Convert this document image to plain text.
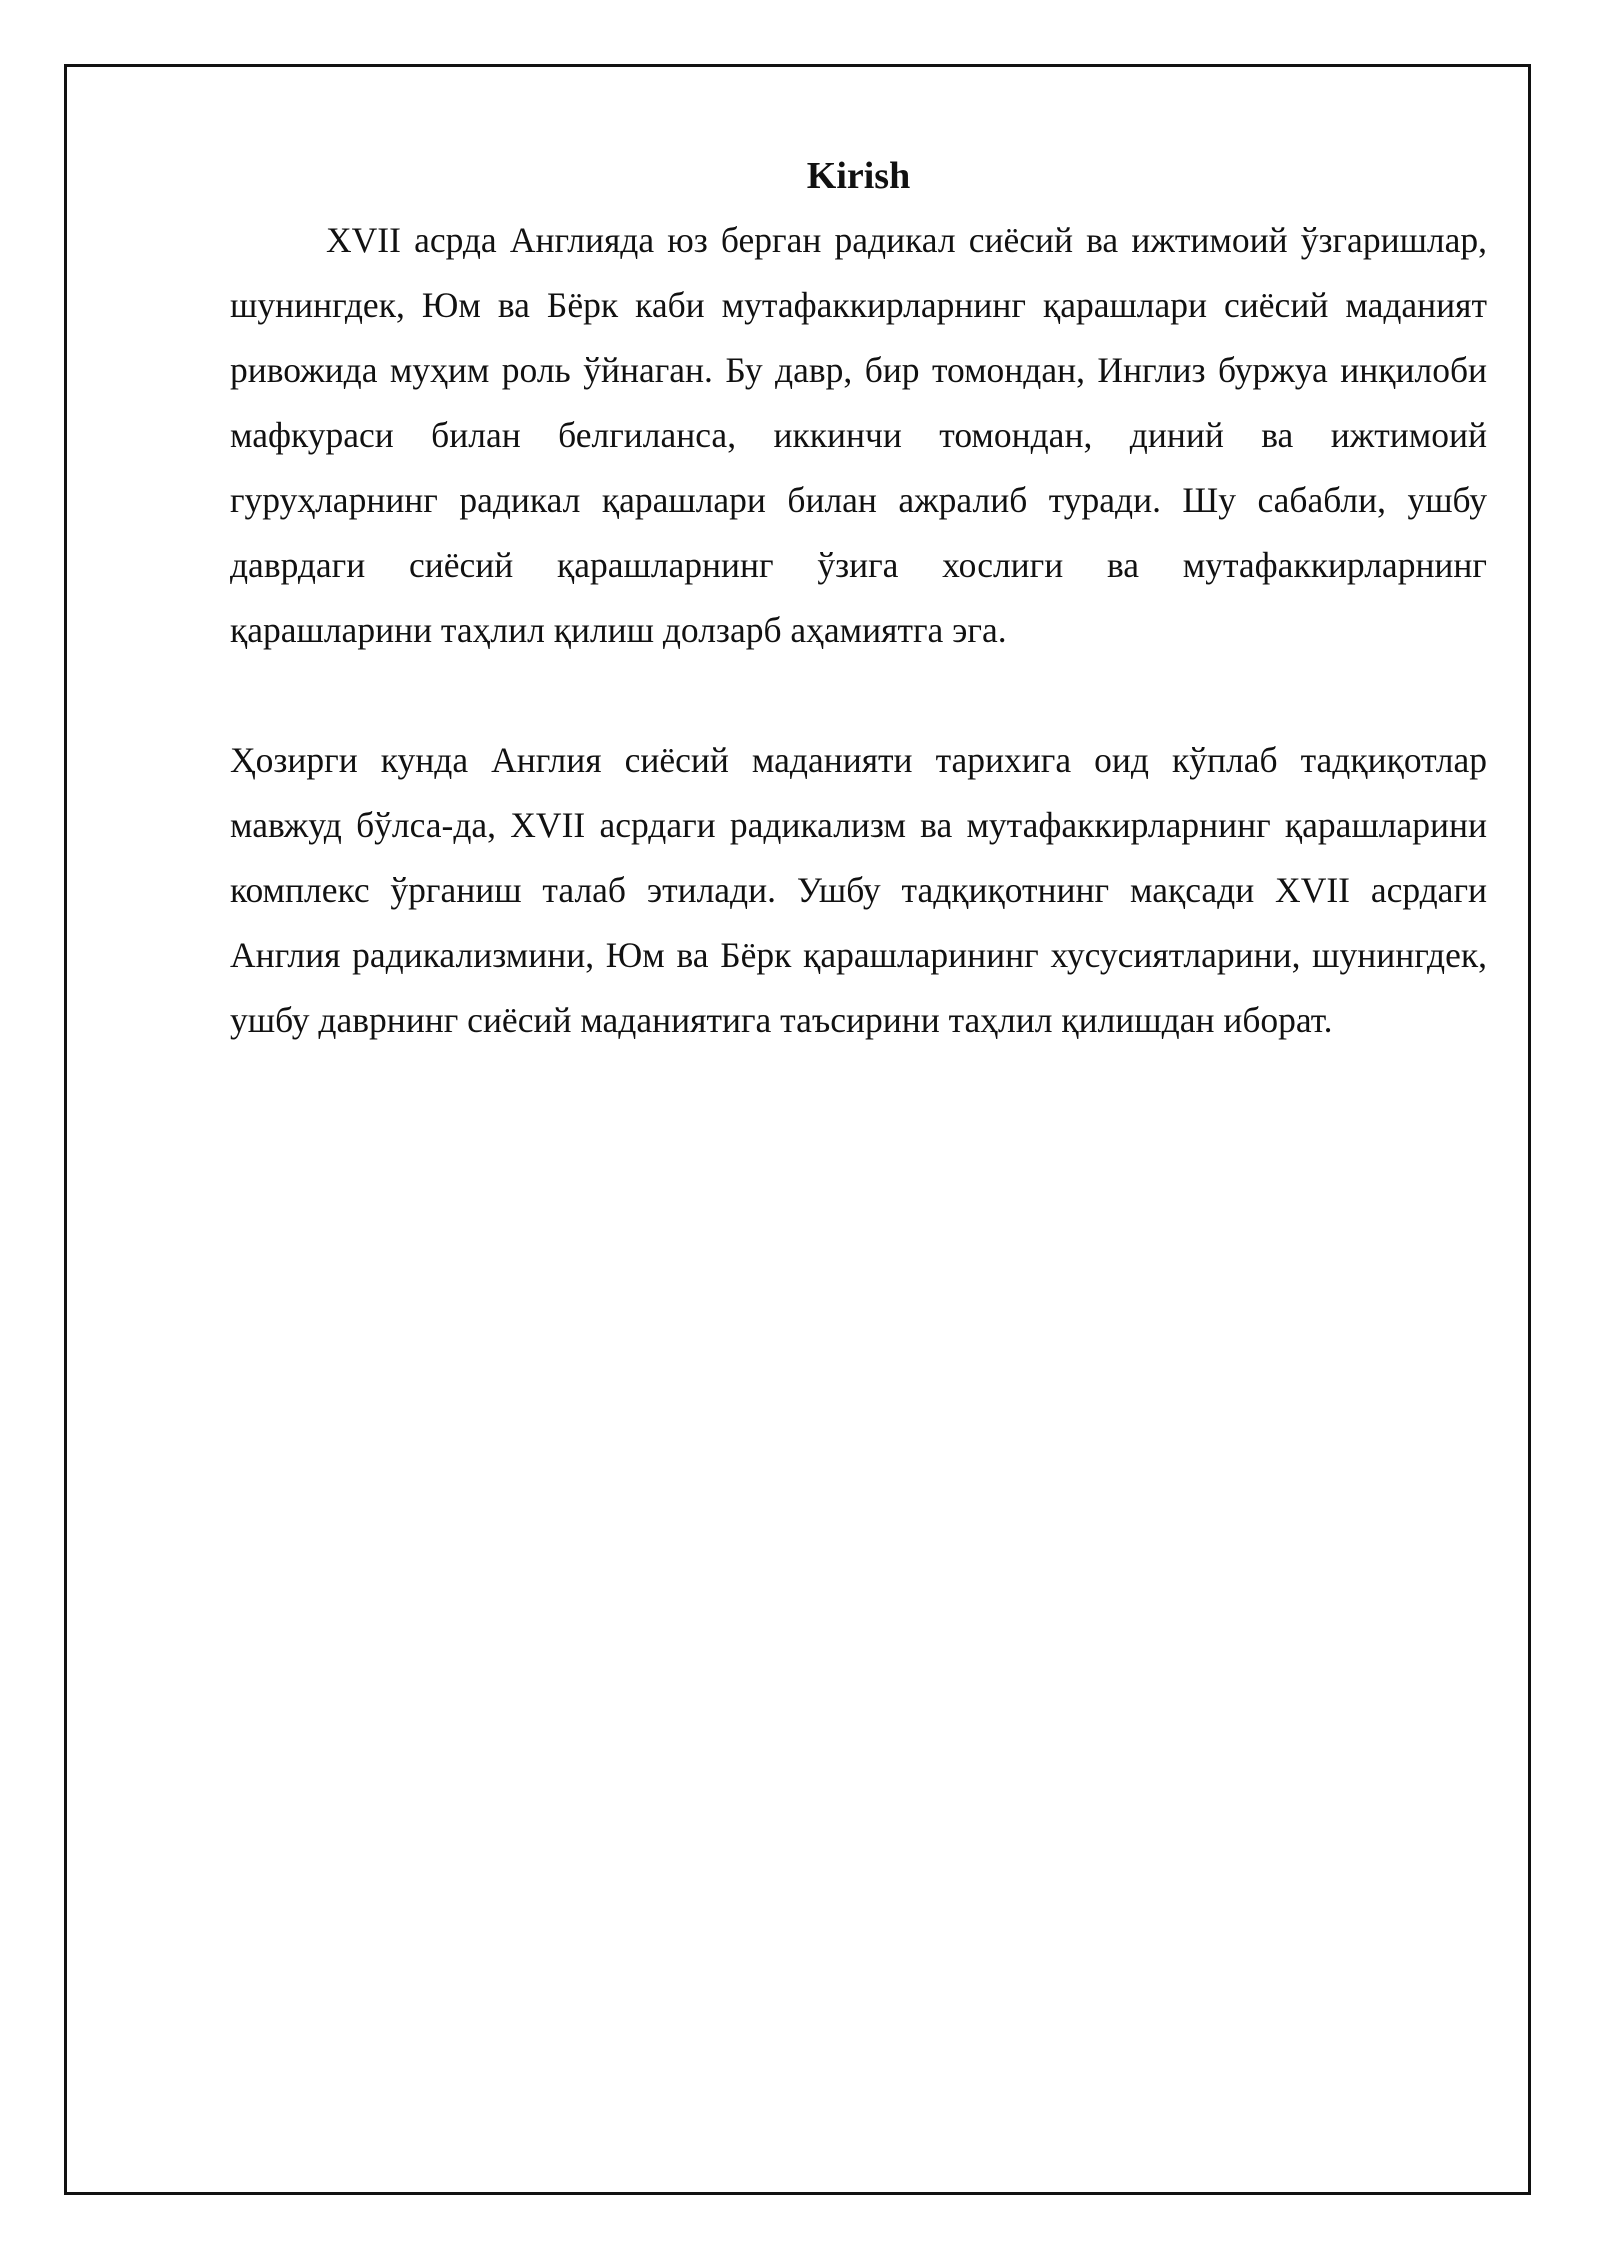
Kirish

XVII асрда Англияда юз берган радикал сиёсий ва ижтимоий ўзгаришлар, шунингдек, Юм ва Бёрк каби мутафаккирларнинг қарашлари сиёсий маданият ривожида муҳим роль ўйнаган. Бу давр, бир томондан, Инглиз буржуа инқилоби мафкураси билан белгиланса, иккинчи томондан, диний ва ижтимоий гуруҳларнинг радикал қарашлари билан ажралиб туради. Шу сабабли, ушбу даврдаги сиёсий қарашларнинг ўзига хослиги ва мутафаккирларнинг қарашларини таҳлил қилиш долзарб аҳамиятга эга.

Ҳозирги кунда Англия сиёсий маданияти тарихига оид кўплаб тадқиқотлар мавжуд бўлса-да, XVII асрдаги радикализм ва мутафаккирларнинг қарашларини комплекс ўрганиш талаб этилади. Ушбу тадқиқотнинг мақсади XVII асрдаги Англия радикализмини, Юм ва Бёрк қарашларининг хусусиятларини, шунингдек, ушбу даврнинг сиёсий маданиятига таъсирини таҳлил қилишдан иборат.
